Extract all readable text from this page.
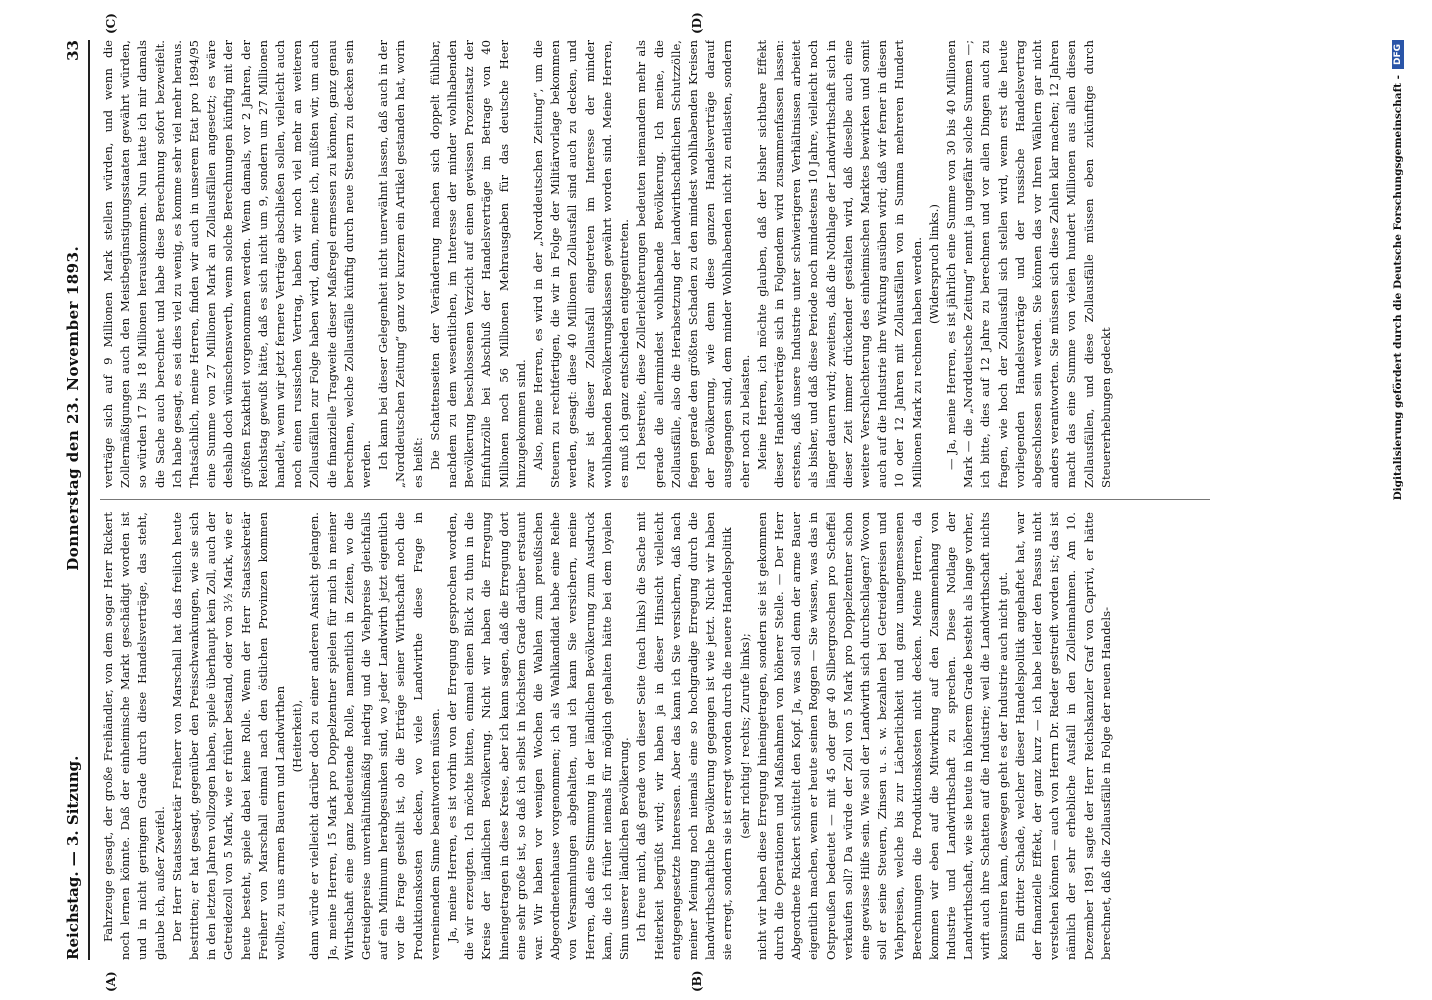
Reichstag. — 3. Sitzung.
Donnerstag den 23. November 1893.
33
(A)	(B)
(C)	(D)

Fahrzeuge gesagt, der große Freihändler, von dem sogar Herr Rickert noch lernen könnte. Daß der einheimische Markt geschädigt worden ist und in nicht geringem Grade durch diese Handelsverträge, das steht, glaube ich, außer Zweifel. Der Herr Staatssekretär Freiherr von Marschall hat das freilich heute bestritten; er hat gesagt, gegenüber den Preisschwankungen, wie sie sich in den letzten Jahren vollzogen haben, spiele überhaupt kein Zoll, auch der Getreidezoll von 5 Mark, wie er früher bestand, oder von 3½ Mark, wie er heute besteht, spiele dabei keine Rolle. Wenn der Herr Staatssekretär Freiherr von Marschall einmal nach den östlichen Provinzen kommen wollte, zu uns armen Bauern und Landwirthen (Heiterkeit), dann würde er vielleicht darüber doch zu einer anderen Ansicht gelangen. Ja, meine Herren, 15 Mark pro Doppelzentner spielen für mich in meiner Wirthschaft eine ganz bedeutende Rolle, namentlich in Zeiten, wo die Getreidepreise unverhältnißmäßig niedrig und die Viehpreise gleichfalls auf ein Minimum herabgesunken sind, wo jeder Landwirth jetzt eigentlich vor die Frage gestellt ist, ob die Erträge seiner Wirthschaft noch die Produktionskosten decken, wo viele Landwirthe diese Frage in verneinendem Sinne beantworten müssen. Ja, meine Herren, es ist vorhin von der Erregung gesprochen worden, die wir erzeugten. Ich möchte bitten, einmal einen Blick zu thun in die Kreise der ländlichen Bevölkerung. Nicht wir haben die Erregung hineingetragen in diese Kreise, aber ich kann sagen, daß die Erregung dort eine sehr große ist, so daß ich selbst in höchstem Grade darüber erstaunt war. Wir haben vor wenigen Wochen die Wahlen zum preußischen Abgeordnetenhause vorgenommen; ich als Wahlkandidat habe eine Reihe von Versammlungen abgehalten, und ich kann Sie versichern, meine Herren, daß eine Stimmung in der ländlichen Bevölkerung zum Ausdruck kam, die ich früher niemals für möglich gehalten hätte bei dem loyalen Sinn unserer ländlichen Bevölkerung. Ich freue mich, daß gerade von dieser Seite (nach links) die Sache mit Heiterkeit begrüßt wird; wir haben ja in dieser Hinsicht vielleicht entgegengesetzte Interessen. Aber das kann ich Sie versichern, daß nach meiner Meinung noch niemals eine so hochgradige Erregung durch die landwirthschaftliche Bevölkerung gegangen ist wie jetzt. Nicht wir haben sie erregt, sondern sie ist erregt worden durch die neuere Handelspolitik (sehr richtig! rechts; Zurufe links); nicht wir haben diese Erregung hineingetragen, sondern sie ist gekommen durch die Operationen und Maßnahmen von höherer Stelle. — Der Herr Abgeordnete Rickert schüttelt den Kopf. Ja, was soll denn der arme Bauer eigentlich machen, wenn er heute seinen Roggen — Sie wissen, was das in Ostpreußen bedeutet — mit 45 oder gar 40 Silbergroschen pro Scheffel verkaufen soll? Da würde der Zoll von 5 Mark pro Doppelzentner schon eine gewisse Hilfe sein. Wie soll der Landwirth sich durchschlagen? Wovon soll er seine Steuern, Zinsen u. s. w. bezahlen bei Getreidepreisen und Viehpreisen, welche bis zur Lächerlichkeit und ganz unangemessenen Berechnungen die Produktionskosten nicht decken. Meine Herren, da kommen wir eben auf die Mitwirkung auf den Zusammenhang von Industrie und Landwirthschaft zu sprechen. Diese Notlage der Landwirthschaft, wie sie heute in höherem Grade besteht als lange vorher, wirft auch ihre Schatten auf die Industrie; weil die Landwirthschaft nichts konsumiren kann, deswegen geht es der Industrie auch nicht gut. Ein dritter Schade, welcher dieser Handelspolitik angehaftet hat, war der finanzielle Effekt, der ganz kurz — ich habe leider den Passus nicht verstehen können — auch von Herrn Dr. Rieder gestreift worden ist; das ist nämlich der sehr erhebliche Ausfall in den Zolleinnahmen. Am 10. Dezember 1891 sagte der Herr Reichskanzler Graf von Caprivi, er hätte berechnet, daß die Zollausfälle in Folge der neuen Handels-

verträge sich auf 9 Millionen Mark stellen würden, und wenn die Zollermäßigungen auch den Meistbegünstigungsstaaten gewährt würden, so würden 17 bis 18 Millionen herauskommen. Nun hatte ich mir damals die Sache auch berechnet und habe diese Berechnung sofort bezweifelt. Ich habe gesagt, es sei dies viel zu wenig, es komme sehr viel mehr heraus. Thatsächlich, meine Herren, finden wir auch in unserem Etat pro 1894/95 eine Summe von 27 Millionen Mark an Zollausfällen angesetzt; es wäre deshalb doch wünschenswerth, wenn solche Berechnungen künftig mit der größten Exaktheit vorgenommen werden. Wenn damals, vor 2 Jahren, der Reichstag gewußt hätte, daß es sich nicht um 9, sondern um 27 Millionen handelt, wenn wir jetzt fernere Verträge abschließen sollen, vielleicht auch noch einen russischen Vertrag, haben wir noch viel mehr an weiteren Zollausfällen zur Folge haben wird, dann, meine ich, müßten wir, um auch die finanzielle Tragweite dieser Maßregel ermessen zu können, ganz genau berechnen, welche Zollausfälle künftig durch neue Steuern zu decken sein werden. Ich kann bei dieser Gelegenheit nicht unerwähnt lassen, daß auch in der „Norddeutschen Zeitung“ ganz vor kurzem ein Artikel gestanden hat, worin es heißt: Die Schattenseiten der Veränderung machen sich doppelt fühlbar, nachdem zu dem wesentlichen, im Interesse der minder wohlhabenden Bevölkerung beschlossenen Verzicht auf einen gewissen Prozentsatz der Einfuhrzölle bei Abschluß der Handelsverträge im Betrage von 40 Millionen noch 56 Millionen Mehrausgaben für das deutsche Heer hinzugekommen sind. Also, meine Herren, es wird in der „Norddeutschen Zeitung“, um die Steuern zu rechtfertigen, die wir in Folge der Militärvorlage bekommen werden, gesagt: diese 40 Millionen Zollausfall sind auch zu decken, und zwar ist dieser Zollausfall eingetreten im Interesse der minder wohlhabenden Bevölkerungsklassen gewährt worden sind. Meine Herren, es muß ich ganz entschieden entgegentreten. Ich bestreite, diese Zollerleichterungen bedeuten niemandem mehr als gerade die allermindest wohlhabende Bevölkerung. Ich meine, die Zollausfälle, also die Herabsetzung der landwirthschaftlichen Schutzzölle, fiegen gerade den größten Schaden zu den mindest wohlhabenden Kreisen der Bevölkerung, wie denn diese ganzen Handelsverträge darauf ausgegangen sind, dem minder Wohlhabenden nicht zu entlasten, sondern eher noch zu belasten. Meine Herren, ich möchte glauben, daß der bisher sichtbare Effekt dieser Handelsverträge sich in Folgendem wird zusammenfassen lassen: erstens, daß unsere Industrie unter schwierigeren Verhältnissen arbeitet als bisher, und daß diese Periode noch mindestens 10 Jahre, vielleicht noch länger dauern wird; zweitens, daß die Nothlage der Landwirthschaft sich in dieser Zeit immer drückender gestalten wird, daß dieselbe auch eine weitere Verschlechterung des einheimischen Marktes bewirken und somit auch auf die Industrie ihre Wirkung ausüben wird; daß wir ferner in diesen 10 oder 12 Jahren mit Zollausfällen von in Summa mehreren Hundert Millionen Mark zu rechnen haben werden. (Widerspruch links.) — Ja, meine Herren, es ist jährlich eine Summe von 30 bis 40 Millionen Mark — die „Norddeutsche Zeitung“ nennt ja ungefähr solche Summen —; ich bitte, dies auf 12 Jahre zu berechnen und vor allen Dingen auch zu fragen, wie hoch der Zollausfall sich stellen wird, wenn erst die heute vorliegenden Handelsverträge und der russische Handelsvertrag abgeschlossen sein werden. Sie können das vor Ihren Wählern gar nicht anders verantworten. Sie müssen sich diese Zahlen klar machen; 12 Jahren macht das eine Summe von vielen hundert Millionen aus allen diesen Zollausfällen, und diese Zollausfälle müssen eben zukünftige durch Steuererhebungen gedeckt	Digitalisierung gefördert durch die Deutsche Forschungsgemeinschaft -
DFG
